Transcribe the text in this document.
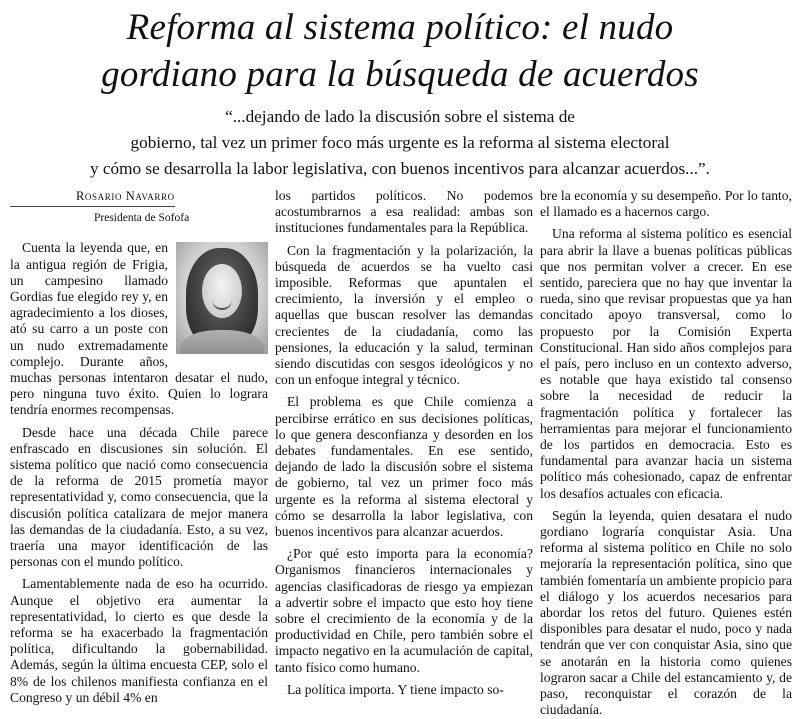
Reforma al sistema político: el nudo
gordiano para la búsqueda de acuerdos
“...dejando de lado la discusión sobre el sistema de
gobierno, tal vez un primer foco más urgente es la reforma al sistema electoral
y cómo se desarrolla la labor legislativa, con buenos incentivos para alcanzar acuerdos...”.
Rosario Navarro
Presidenta de Sofofa

Cuenta la leyenda que, en la antigua región de Frigia, un campesino llamado Gordias fue elegido rey y, en agradecimiento a los dioses, ató su carro a un poste con un nudo extremadamente complejo. Durante años, muchas personas intentaron desatar el nudo, pero ninguna tuvo éxito. Quien lo lograra tendría enormes recompensas.

Desde hace una década Chile parece enfrascado en discusiones sin solución. El sistema político que nació como consecuencia de la reforma de 2015 prometía mayor representatividad y, como consecuencia, que la discusión política catalizara de mejor manera las demandas de la ciudadanía. Esto, a su vez, traería una mayor identificación de las personas con el mundo político.

Lamentablemente nada de eso ha ocurrido. Aunque el objetivo era aumentar la representatividad, lo cierto es que desde la reforma se ha exacerbado la fragmentación política, dificultando la gobernabilidad. Además, según la última encuesta CEP, solo el 8% de los chilenos manifiesta confianza en el Congreso y un débil 4% en

los partidos políticos. No podemos acostumbrarnos a esa realidad: ambas son instituciones fundamentales para la República.

Con la fragmentación y la polarización, la búsqueda de acuerdos se ha vuelto casi imposible. Reformas que apuntalen el crecimiento, la inversión y el empleo o aquellas que buscan resolver las demandas crecientes de la ciudadanía, como las pensiones, la educación y la salud, terminan siendo discutidas con sesgos ideológicos y no con un enfoque integral y técnico.

El problema es que Chile comienza a percibirse errático en sus decisiones políticas, lo que genera desconfianza y desorden en los debates fundamentales. En ese sentido, dejando de lado la discusión sobre el sistema de gobierno, tal vez un primer foco más urgente es la reforma al sistema electoral y cómo se desarrolla la labor legislativa, con buenos incentivos para alcanzar acuerdos.

¿Por qué esto importa para la economía? Organismos financieros internacionales y agencias clasificadoras de riesgo ya empiezan a advertir sobre el impacto que esto hoy tiene sobre el crecimiento de la economía y de la productividad en Chile, pero también sobre el impacto negativo en la acumulación de capital, tanto físico como humano.

La política importa. Y tiene impacto so-

bre la economía y su desempeño. Por lo tanto, el llamado es a hacernos cargo.

Una reforma al sistema político es esencial para abrir la llave a buenas políticas públicas que nos permitan volver a crecer. En ese sentido, pareciera que no hay que inventar la rueda, sino que revisar propuestas que ya han concitado apoyo transversal, como lo propuesto por la Comisión Experta Constitucional. Han sido años complejos para el país, pero incluso en un contexto adverso, es notable que haya existido tal consenso sobre la necesidad de reducir la fragmentación política y fortalecer las herramientas para mejorar el funcionamiento de los partidos en democracia. Esto es fundamental para avanzar hacia un sistema político más cohesionado, capaz de enfrentar los desafíos actuales con eficacia.

Según la leyenda, quien desatara el nudo gordiano lograría conquistar Asia. Una reforma al sistema político en Chile no solo mejoraría la representación política, sino que también fomentaría un ambiente propicio para el diálogo y los acuerdos necesarios para abordar los retos del futuro. Quienes estén disponibles para desatar el nudo, poco y nada tendrán que ver con conquistar Asia, sino que se anotarán en la historia como quienes lograron sacar a Chile del estancamiento y, de paso, reconquistar el corazón de la ciudadanía.
